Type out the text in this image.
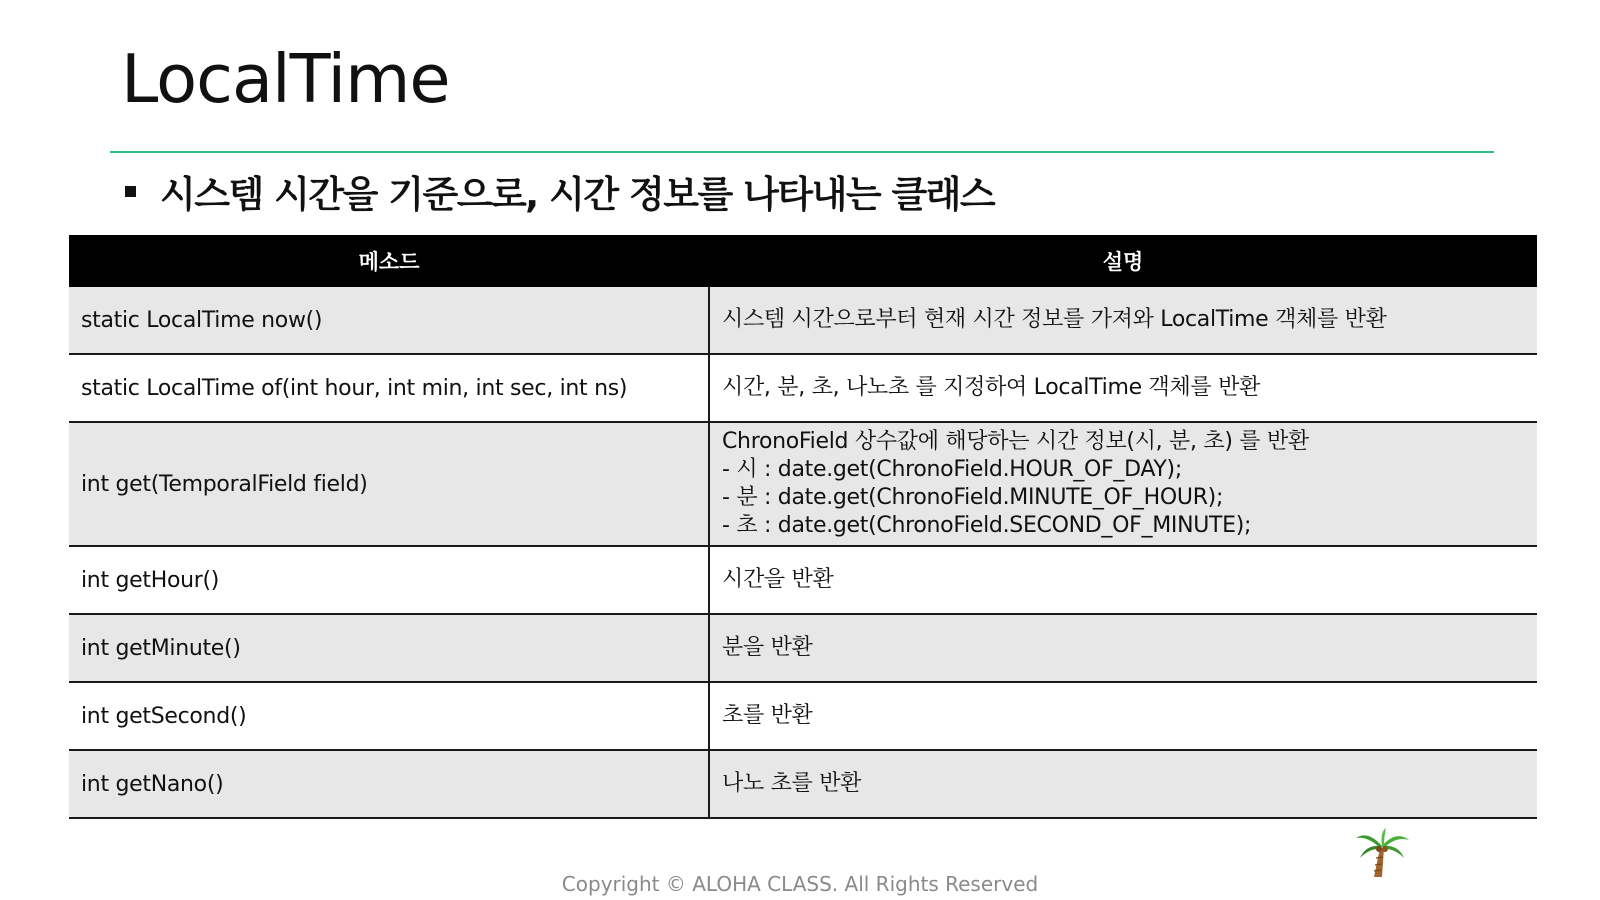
LocalTime
시스템 시간을 기준으로, 시간 정보를 나타내는 클래스
메소드	설명
static LocalTime now()	시스템 시간으로부터 현재 시간 정보를 가져와 LocalTime 객체를 반환

static LocalTime of(int hour, int min, int sec, int ns)	시간, 분, 초, 나노초 를 지정하여 LocalTime 객체를 반환

int get(TemporalField field)	ChronoField 상수값에 해당하는 시간 정보(시, 분, 초) 를 반환
- 시 : date.get(ChronoField.HOUR_OF_DAY);
- 분 : date.get(ChronoField.MINUTE_OF_HOUR);
- 초 : date.get(ChronoField.SECOND_OF_MINUTE);

int getHour()	시간을 반환

int getMinute()	분을 반환

int getSecond()	초를 반환

int getNano()	나노 초를 반환
Copyright © ALOHA CLASS. All Rights Reserved
